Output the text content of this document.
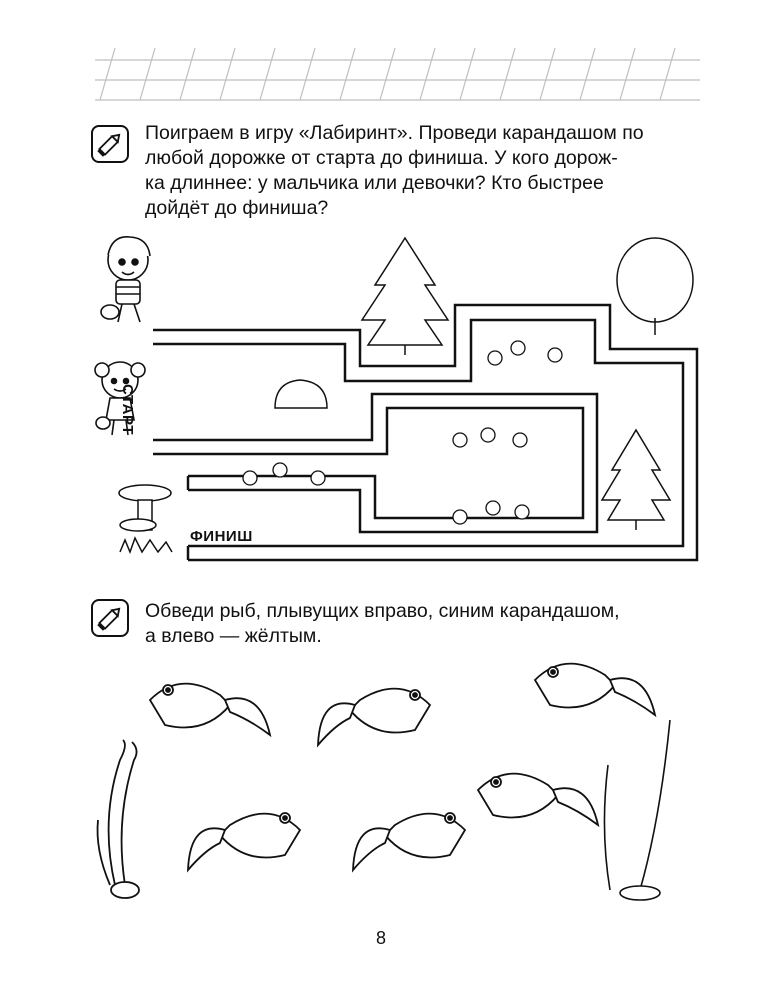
Поиграем в игру «Лабиринт». Проведи карандашом по
любой дорожке от старта до финиша. У кого дорож-
ка длиннее: у мальчика или девочки? Кто быстрее
дойдёт до финиша?
СТАРТ
ФИНИШ
Обведи рыб, плывущих вправо, синим карандашом,
а влево — жёлтым.
8
